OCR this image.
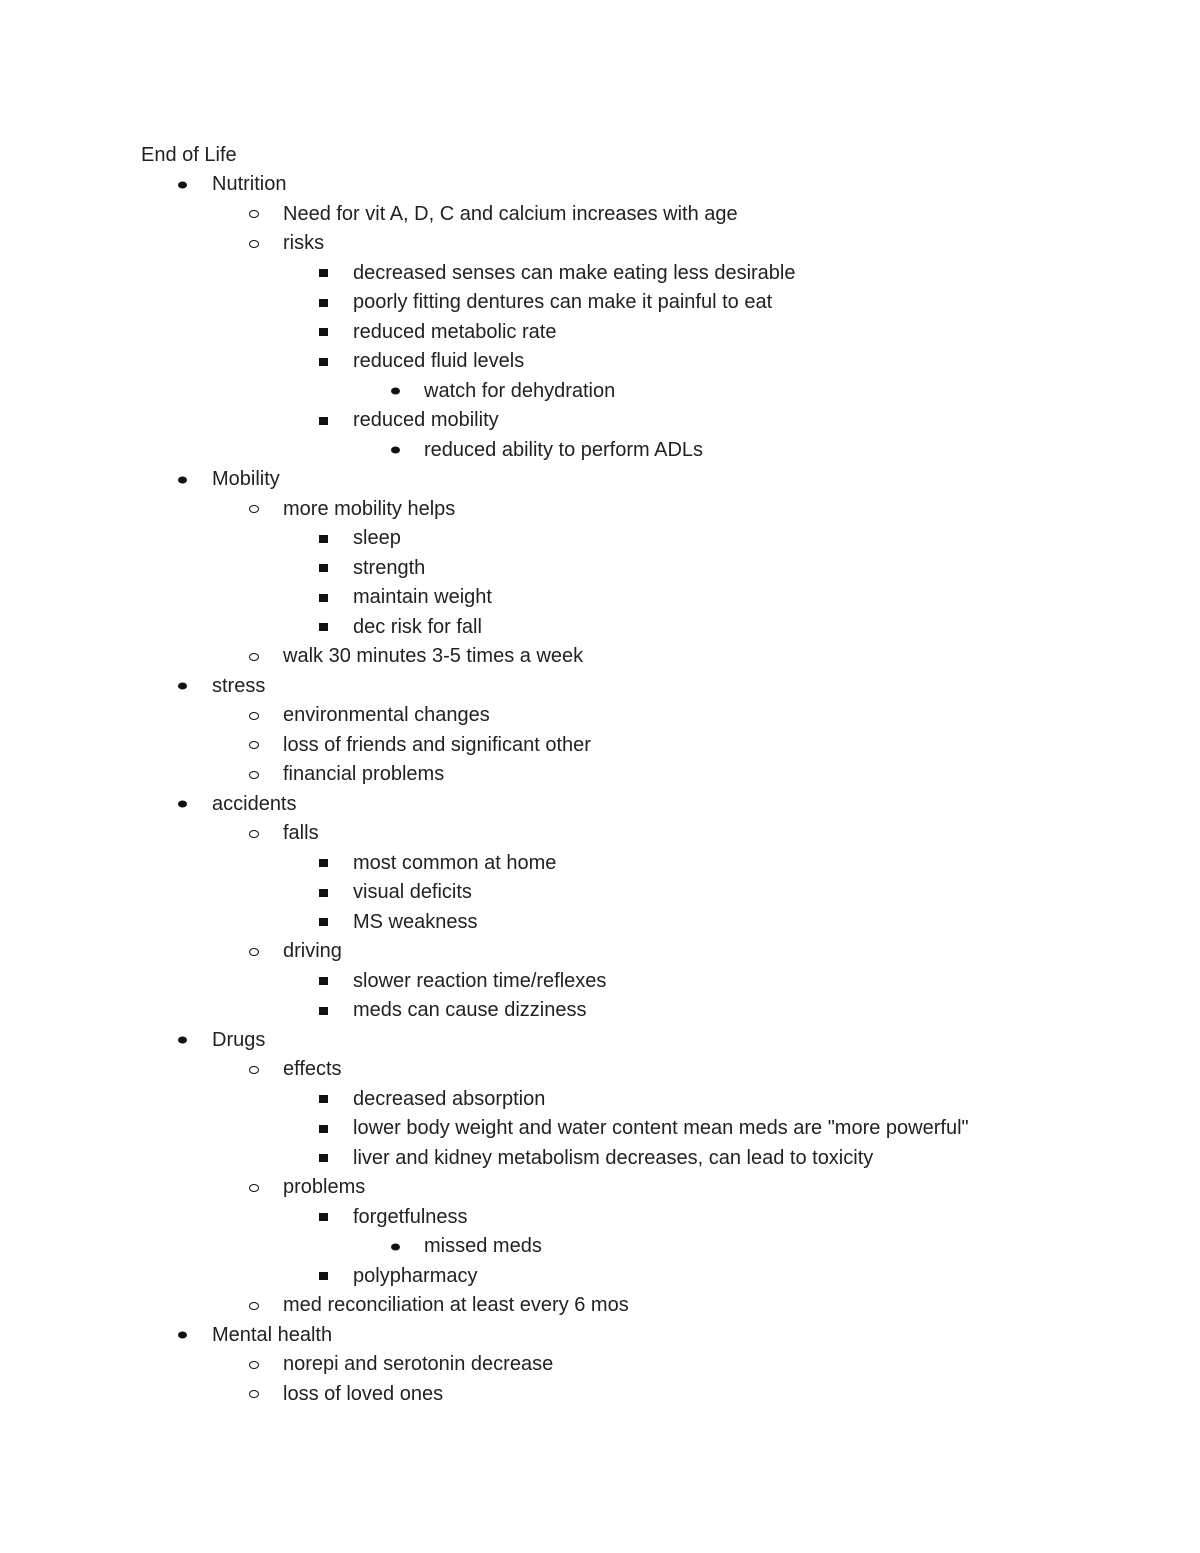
End of Life
Nutrition
Need for vit A, D, C and calcium increases with age
risks
decreased senses can make eating less desirable
poorly fitting dentures can make it painful to eat
reduced metabolic rate
reduced fluid levels
watch for dehydration
reduced mobility
reduced ability to perform ADLs
Mobility
more mobility helps
sleep
strength
maintain weight
dec risk for fall
walk 30 minutes 3-5 times a week
stress
environmental changes
loss of friends and significant other
financial problems
accidents
falls
most common at home
visual deficits
MS weakness
driving
slower reaction time/reflexes
meds can cause dizziness
Drugs
effects
decreased absorption
lower body weight and water content mean meds are "more powerful"
liver and kidney metabolism decreases, can lead to toxicity
problems
forgetfulness
missed meds
polypharmacy
med reconciliation at least every 6 mos
Mental health
norepi and serotonin decrease
loss of loved ones
